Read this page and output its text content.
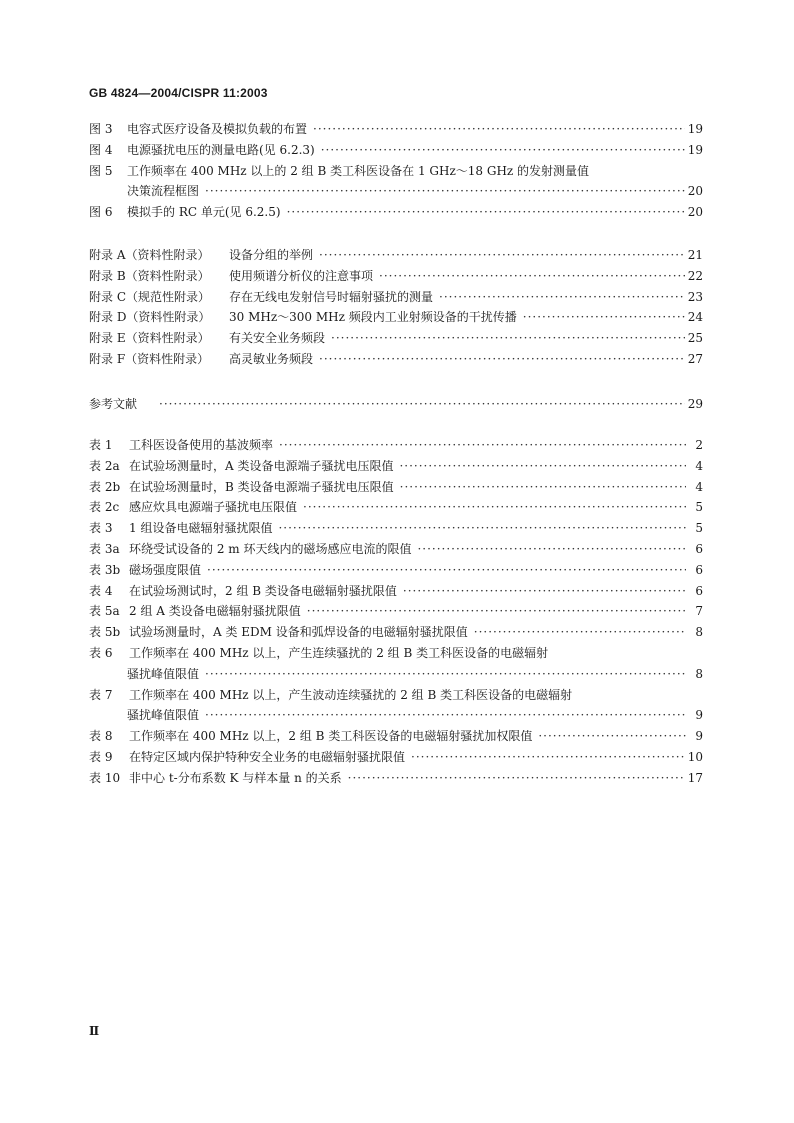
GB 4824—2004/CISPR 11:2003
图 3	电容式医疗设备及模拟负载的布置 ·····	19
图 4	电源骚扰电压的测量电路(见 6.2.3) ·····	19
图 5	工作频率在 400 MHz 以上的 2 组 B 类工科医设备在 1 GHz～18 GHz 的发射测量值
决策流程框图 ·····	20
图 6	模拟手的 RC 单元(见 6.2.5) ·····	20
附录 A（资料性附录）	设备分组的举例 ·····	21
附录 B（资料性附录）	使用频谱分析仪的注意事项 ·····	22
附录 C（规范性附录）	存在无线电发射信号时辐射骚扰的测量 ·····	23
附录 D（资料性附录）	30 MHz～300 MHz 频段内工业射频设备的干扰传播 ·····	24
附录 E（资料性附录）	有关安全业务频段 ·····	25
附录 F（资料性附录）	高灵敏业务频段 ·····	27
参考文献 ·····	29
表 1	工科医设备使用的基波频率 ·····	2
表 2a 在试验场测量时，A 类设备电源端子骚扰电压限值 ·····	4
表 2b 在试验场测量时，B 类设备电源端子骚扰电压限值 ·····	4
表 2c 感应炊具电源端子骚扰电压限值 ·····	5
表 3	1 组设备电磁辐射骚扰限值 ·····	5
表 3a 环绕受试设备的 2 m 环天线内的磁场感应电流的限值 ·····	6
表 3b 磁场强度限值 ·····	6
表 4	在试验场测试时，2 组 B 类设备电磁辐射骚扰限值 ·····	6
表 5a 2 组 A 类设备电磁辐射骚扰限值 ·····	7
表 5b 试验场测量时，A 类 EDM 设备和弧焊设备的电磁辐射骚扰限值 ·····	8
表 6	工作频率在 400 MHz 以上，产生连续骚扰的 2 组 B 类工科医设备的电磁辐射
骚扰峰值限值 ·····	8
表 7	工作频率在 400 MHz 以上，产生波动连续骚扰的 2 组 B 类工科医设备的电磁辐射
骚扰峰值限值 ·····	9
表 8	工作频率在 400 MHz 以上，2 组 B 类工科医设备的电磁辐射骚扰加权限值 ·····	9
表 9	在特定区域内保护特种安全业务的电磁辐射骚扰限值 ·····	10
表 10 非中心 t-分布系数 K 与样本量 n 的关系 ·····	17
Ⅱ
